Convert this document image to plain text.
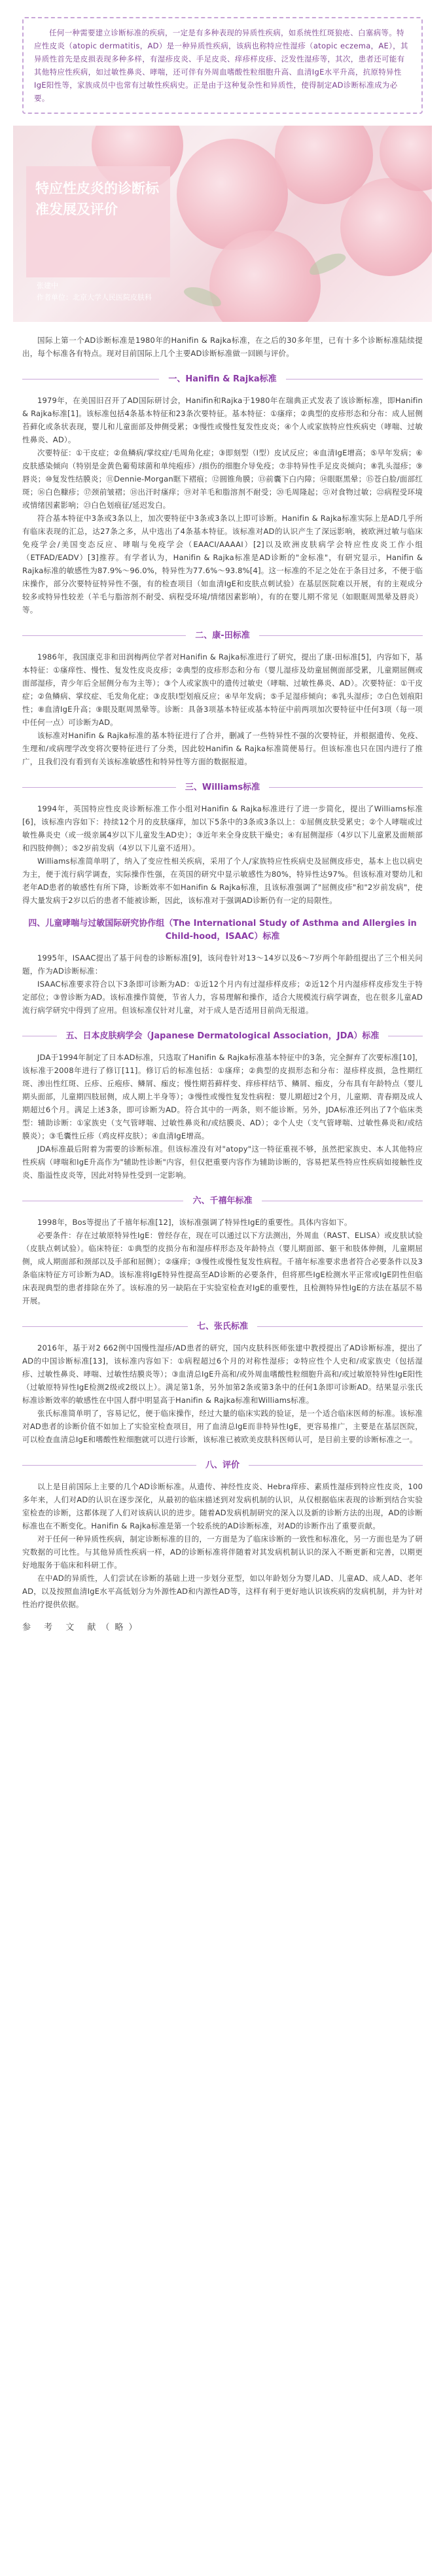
任何一种需要建立诊断标准的疾病，一定是有多种表现的异质性疾病，如系统性红斑狼疮、白塞病等。特应性皮炎（atopic dermatitis，AD）是一种异质性疾病，该病也称特应性湿疹（atopic eczema，AE），其异质性首先是皮损表现多种多样，有湿疹皮炎、手足皮炎、痒疹样皮疹、泛发性湿疹等，其次，患者还可能有其他特应性疾病，如过敏性鼻炎、哮喘，还可伴有外周血嗜酸性粒细胞升高、血清IgE水平升高，抗原特异性IgE阳性等，家族成员中也常有过敏性疾病史。正是由于这种复杂性和异质性，使得制定AD诊断标准成为必要。

特应性皮炎的诊断标准发展及评价

张建中
作者单位：北京大学人民医院皮肤科

国际上第一个AD诊断标准是1980年的Hanifin & Rajka标准，在之后的30多年里，已有十多个诊断标准陆续提出，每个标准各有特点。现对目前国际上几个主要AD诊断标准做一回顾与评价。

一、Hanifin & Rajka标准

1979年，在美国旧召开了AD国际研讨会，Hanifin和Rajka于1980年在瑞典正式发表了该诊断标准，即Hanifin & Rajka标准[1]。该标准包括4条基本特征和23条次要特征。基本特征：①瘙痒；②典型的皮疹形态和分布：成人屈侧苔藓化或条状表现，婴儿和儿童面部及伸侧受累；③慢性或慢性复发性皮炎；④个人或家族特应性疾病史（哮喘、过敏性鼻炎、AD）。

次要特征：①干皮症；②鱼鳞病/掌纹症/毛周角化症；③即刻型（Ⅰ型）皮试反应；④血清IgE增高；⑤早年发病；⑥皮肤感染倾向（特别是金黄色葡萄球菌和单纯疱疹）/损伤的细胞介导免疫；⑦非特异性手足皮炎倾向；⑧乳头湿疹；⑨唇炎；⑩复发性结膜炎；⑪Dennie-Morgan眶下褶痕；⑫圆锥角膜；⑬前囊下白内障；⑭眼眶黑晕；⑮苍白脸/面部红斑；⑯白色糠疹；⑰颈前皱褶；⑱出汗时瘙痒；⑲对羊毛和脂溶剂不耐受；⑳毛周隆起；㉑对食物过敏；㉒病程受环境或情绪因素影响；㉓白色划痕征/延迟发白。

符合基本特征中3条或3条以上，加次要特征中3条或3条以上即可诊断。Hanifin & Rajka标准实际上是AD几乎所有临床表现的汇总，达27条之多，从中选出了4条基本特征。该标准对AD的认识产生了深远影响，被欧洲过敏与临床免疫学会/美国变态反应、哮喘与免疫学会（EAACI/AAAAI）[2]以及欧洲皮肤病学会特应性皮炎工作小组（ETFAD/EADV）[3]推荐。有学者认为，Hanifin & Rajka标准是AD诊断的"金标准"，有研究显示，Hanifin & Rajka标准的敏感性为87.9%～96.0%，特异性为77.6%～93.8%[4]。这一标准的不足之处在于条目过多，不便于临床操作，部分次要特征特异性不强，有的检查项目（如血清IgE和皮肤点刺试验）在基层医院难以开展，有的主观成分较多或特异性较差（羊毛与脂溶剂不耐受、病程受环境/情绪因素影响），有的在婴儿期不常见（如眼眶周黑晕及唇炎）等。

二、康-田标准

1986年，我国康克非和田润梅两位学者对Hanifin & Rajka标准进行了研究，提出了康-田标准[5]，内容如下，基本特征：①瘙痒性、慢性、复发性皮炎皮疹；②典型的皮疹形态和分布（婴儿湿疹及幼童屈侧面部受累，儿童期屈侧或面部湿疹，青少年后全屈侧分布为主等）；③个人或家族中的遗传过敏史（哮喘、过敏性鼻炎、AD）。次要特征：①干皮症；②鱼鳞病、掌纹症、毛发角化症；③皮肤Ⅰ型划痕反应；④早年发病；⑤手足湿疹倾向；⑥乳头湿疹；⑦白色划痕阳性；⑧血清IgE升高；⑨眼及眶周黑晕等。诊断：具备3项基本特征或基本特征中前两项加次要特征中任何3项（每一项中任何一点）可诊断为AD。

该标准对Hanifin & Rajka标准的基本特征进行了合并，删减了一些特异性不强的次要特征，并根据遗传、免疫、生理和/或病理学改变将次要特征进行了分类，因此较Hanifin & Rajka标准简便易行。但该标准也只在国内进行了推广，且我们没有看到有关该标准敏感性和特异性等方面的数据报道。

三、Williams标准

1994年，英国特应性皮炎诊断标准工作小组对Hanifin & Rajka标准进行了进一步简化，提出了Williams标准[6]，该标准内容如下：持续12个月的皮肤瘙痒，加以下5条中的3条或3条以上：①屈侧皮肤受累史；②个人哮喘或过敏性鼻炎史（或一级亲属4岁以下儿童发生AD史）；③近年来全身皮肤干燥史；④有屈侧湿疹（4岁以下儿童累及面颊部和四肢伸侧）；⑤2岁前发病（4岁以下儿童不适用）。

Williams标准简单明了，纳入了变应性相关疾病，采用了个人/家族特应性疾病史及屈侧皮疹史，基本上也以病史为主，便于流行病学调查，实际操作性强，在英国的研究中显示敏感性为80%，特异性达97%。但该标准对婴幼儿和老年AD患者的敏感性有所下降，诊断效率不如Hanifin & Rajka标准，且该标准强调了"屈侧皮疹"和"2岁前发病"，使得大量发病于2岁以后的患者不能被诊断，因此，该标准对于强调AD诊断仍有一定的局限性。

四、儿童哮喘与过敏国际研究协作组（The International Study of Asthma and Allergies in Child-hood，ISAAC）标准

1995年，ISAAC提出了基于问卷的诊断标准[9]，该问卷针对13～14岁以及6～7岁两个年龄组提出了三个相关问题，作为AD诊断标准：

ISAAC标准要求符合以下3条即可诊断为AD：①近12个月内有过湿疹样皮疹；②近12个月内湿疹样皮疹发生于特定部位；③曾诊断为AD。该标准操作简便，节省人力，容易理解和操作，适合大规模流行病学调查，也在很多儿童AD流行病学研究中得到了应用。但该标准仅针对儿童，对于成人是否适用目前尚无报道。

五、日本皮肤病学会（Japanese Dermatological Association，JDA）标准

JDA于1994年制定了日本AD标准，只选取了Hanifin & Rajka标准基本特征中的3条，完全摒弃了次要标准[10]，该标准于2008年进行了修订[11]。修订后的标准包括：①瘙痒；②典型的皮损形态和分布：湿疹样皮损，急性期红斑、渗出性红斑、丘疹、丘疱疹、鳞屑、痂皮；慢性期苔藓样变、痒疹样结节、鳞屑、痂皮，分布具有年龄特点（婴儿期头面部，儿童期四肢屈侧，成人期上半身等）；③慢性或慢性复发性病程：婴儿期超过2个月，儿童期、青春期及成人期超过6个月。满足上述3条，即可诊断为AD。符合其中的一两条，则不能诊断。另外，JDA标准还列出了7个临床类型：辅助诊断：①家族史（支气管哮喘、过敏性鼻炎和/或结膜炎、AD）；②个人史（支气管哮喘、过敏性鼻炎和/或结膜炎）；③毛囊性丘疹（鸡皮样皮肤）；④血清IgE增高。

JDA标准最后附着为需要的诊断标准。但该标准没有对"atopy"这一特征重视不够，虽然把家族史、本人其他特应性疾病（哮喘和IgE升高作为"辅助性诊断"内容，但仅把重要内容作为辅助诊断的，容易把某些特应性疾病如接触性皮炎、脂溢性皮炎等，因此对特异性受到一定影响。

六、千禧年标准

1998年，Bos等提出了千禧年标准[12]，该标准强调了特异性IgE的重要性。具体内容如下。

必要条件：存在过敏原特异性IgE：曾经存在，现在可以通过以下方法测出，外周血（RAST、ELISA）或皮肤试验（皮肤点刺试验）。临床特征：①典型的皮损分布和湿疹样形态及年龄特点（婴儿期面部、躯干和肢体伸侧，儿童期屈侧，成人期面部和颈部以及手部和屈侧）；②瘙痒；③慢性或慢性复发性病程。千禧年标准要求患者符合必要条件以及3条临床特征方可诊断为AD。该标准将IgE特异性提高至AD诊断的必要条件，但将那些IgE检测水平正常或IgE阴性但临床表现典型的患者排除在外了。该标准的另一缺陷在于实验室检查对IgE的重要性，且检测特异性IgE的方法在基层不易开展。

七、张氏标准

2016年，基于对2 662例中国慢性湿疹/AD患者的研究，国内皮肤科医师张建中教授提出了AD诊断标准，提出了AD的中国诊断标准[13]，该标准内容如下：①病程超过6个月的对称性湿疹；②特应性个人史和/或家族史（包括湿疹、过敏性鼻炎、哮喘、过敏性结膜炎等）；③血清总IgE升高和/或外周血嗜酸性粒细胞升高和/或过敏原特异性IgE阳性（过敏原特异性IgE检测2级或2级以上）。满足第1条，另外加第2条或第3条中的任何1条即可诊断AD。结果显示张氏标准诊断效率的敏感性在中国人群中明显高于Hanifin & Rajka标准和Williams标准。

张氏标准简单明了，容易记忆，便于临床操作，经过大量的临床实践的验证，是一个适合临床医师的标准。该标准对AD患者的诊断价值不如加上了实验室检查项目，用了血清总IgE而非特异性IgE，更容易推广，主要是在基层医院，可以检查血清总IgE和嗜酸性粒细胞就可以进行诊断，该标准已被欧美皮肤科医师认可，是目前主要的诊断标准之一。

八、评价

以上是目前国际上主要的几个AD诊断标准。从遗传、神经性皮炎、Hebra痒疹、素质性湿疹到特应性皮炎，100多年来，人们对AD的认识在逐步深化，从最初的临床描述到对发病机制的认识，从仅根据临床表现的诊断到结合实验室检查的诊断，这都体现了人们对该病认识的进步。随着AD发病机制研究的深入以及新的诊断方法的出现，AD的诊断标准也在不断变化。Hanifin & Rajka标准是第一个较系统的AD诊断标准，对AD的诊断作出了重要贡献。

对于任何一种异质性疾病，制定诊断标准的目的，一方面是为了临床诊断的一致性和标准化，另一方面也是为了研究数据的可比性。与其他异质性疾病一样，AD的诊断标准将伴随着对其发病机制认识的深入不断更新和完善，以期更好地服务于临床和科研工作。

在中AD的异质性，人们尝试在诊断的基础上进一步划分亚型，如以年龄划分为婴儿AD、儿童AD、成人AD、老年AD，以及按照血清IgE水平高低划分为外源性AD和内源性AD等，这样有利于更好地认识该疾病的发病机制，并为针对性治疗提供依据。

参 考 文 献（略）
